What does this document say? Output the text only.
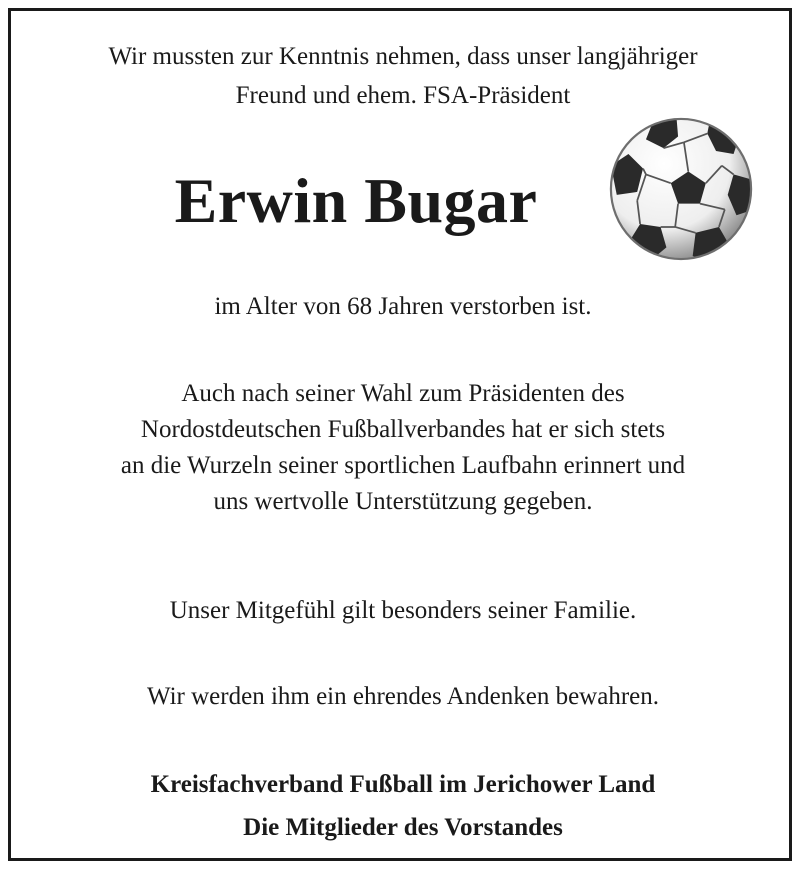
Wir mussten zur Kenntnis nehmen, dass unser langjähriger
Freund und ehem. FSA-Präsident

Erwin Bugar

im Alter von 68 Jahren verstorben ist.

Auch nach seiner Wahl zum Präsidenten des
Nordostdeutschen Fußballverbandes hat er sich stets
an die Wurzeln seiner sportlichen Laufbahn erinnert und
uns wertvolle Unterstützung gegeben.

Unser Mitgefühl gilt besonders seiner Familie.

Wir werden ihm ein ehrendes Andenken bewahren.

Kreisfachverband Fußball im Jerichower Land
Die Mitglieder des Vorstandes
